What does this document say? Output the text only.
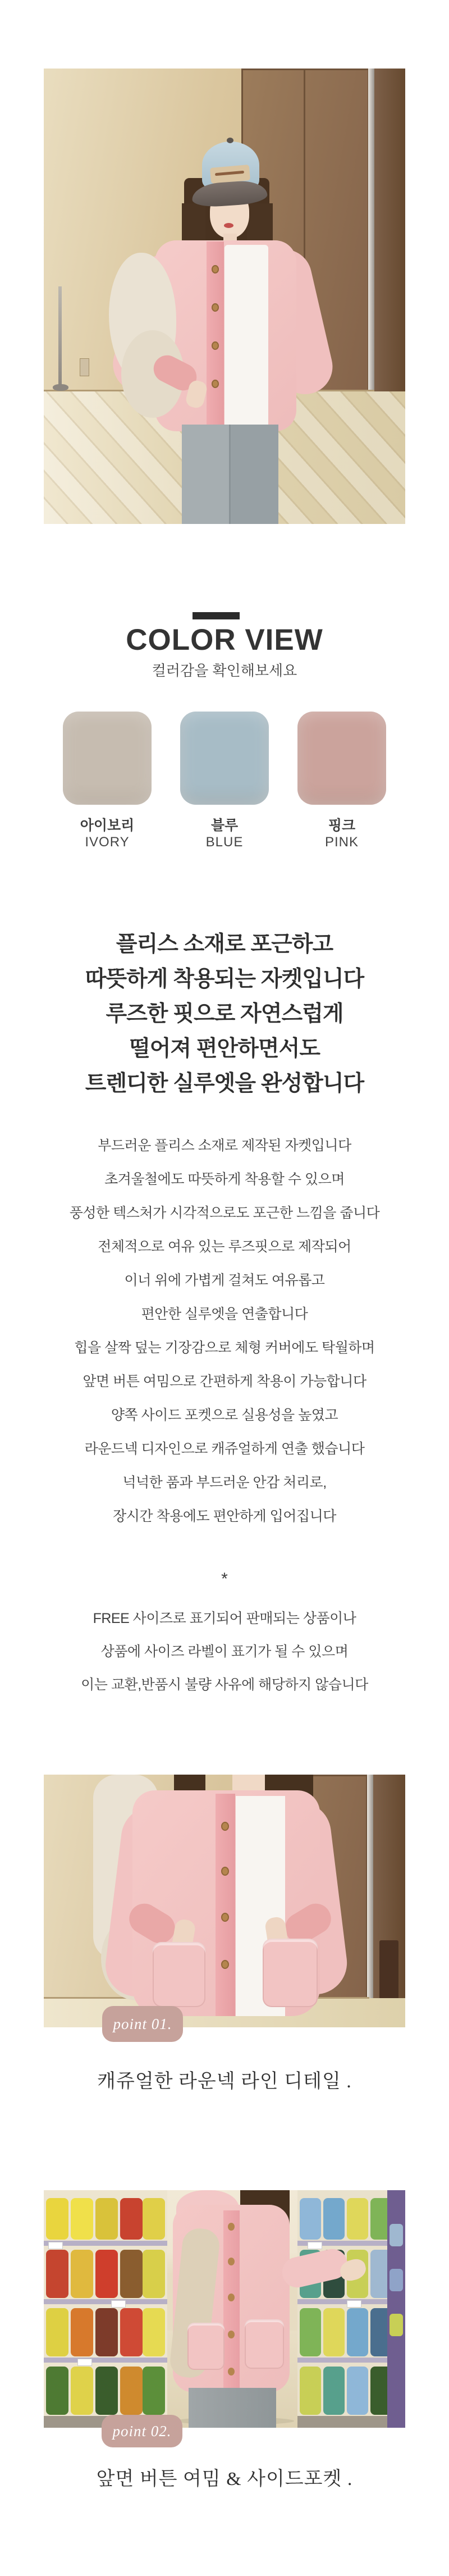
COLOR VIEW
컬러감을 확인해보세요
아이보리
IVORY
블루
BLUE
핑크
PINK
플리스 소재로 포근하고
따뜻하게 착용되는 자켓입니다
루즈한 핏으로 자연스럽게
떨어져 편안하면서도
트렌디한 실루엣을 완성합니다
부드러운 플리스 소재로 제작된 자켓입니다
초겨울철에도 따뜻하게 착용할 수 있으며
풍성한 텍스처가 시각적으로도 포근한 느낌을 줍니다
전체적으로 여유 있는 루즈핏으로 제작되어
이너 위에 가볍게 걸쳐도 여유롭고
편안한 실루엣을 연출합니다
힙을 살짝 덮는 기장감으로 체형 커버에도 탁월하며
앞면 버튼 여밈으로 간편하게 착용이 가능합니다
양쪽 사이드 포켓으로 실용성을 높였고
라운드넥 디자인으로 캐쥬얼하게 연출 했습니다
넉넉한 품과 부드러운 안감 처리로,
장시간 착용에도 편안하게 입어집니다
*
FREE 사이즈로 표기되어 판매되는 상품이나
상품에 사이즈 라벨이 표기가 될 수 있으며
이는 교환,반품시 불량 사유에 해당하지 않습니다
point 01.
캐쥬얼한 라운넥 라인 디테일 .
point 02.
앞면 버튼 여밈 & 사이드포켓 .
